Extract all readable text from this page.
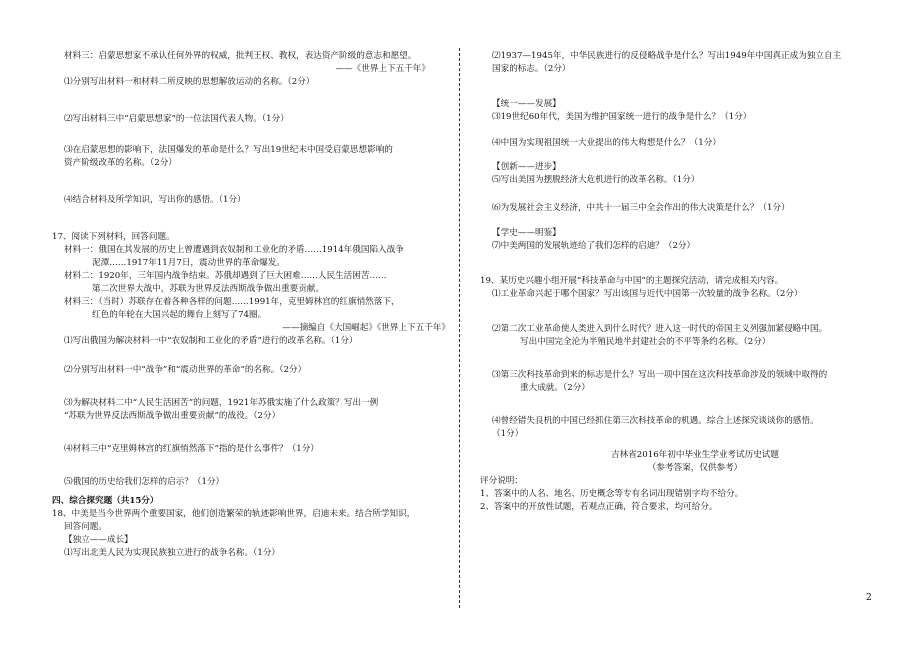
材料三：启蒙思想家不承认任何外界的权威，批判王权、教权，表达资产阶级的意志和愿望。
——《世界上下五千年》
⑴分别写出材料一和材料二所反映的思想解放运动的名称。（2分）
⑵写出材料三中“启蒙思想家”的一位法国代表人物。（1分）
⑶在启蒙思想的影响下，法国爆发的革命是什么？写出19世纪末中国受启蒙思想影响的
资产阶级改革的名称。（2分）
⑷结合材料及所学知识，写出你的感悟。（1分）
17、阅读下列材料，回答问题。
材料一：俄国在其发展的历史上曾遭遇到农奴制和工业化的矛盾……1914年俄国陷入战争
泥潭……1917年11月7日，震动世界的革命爆发。
材料二：1920年，三年国内战争结束。苏俄却遇到了巨大困难……人民生活困苦……
第二次世界大战中，苏联为世界反法西斯战争做出重要贡献。
材料三：（当时）苏联存在着各种各样的问题……1991年，克里姆林宫的红旗悄然落下，
红色的年轮在大国兴起的舞台上刻写了74圈。
——摘编自《大国崛起》《世界上下五千年》
⑴写出俄国为解决材料一中“农奴制和工业化的矛盾”进行的改革名称。（1分）
⑵分别写出材料一中“战争”和“震动世界的革命”的名称。（2分）
⑶为解决材料二中“人民生活困苦”的问题，1921年苏俄实施了什么政策？写出一例
“苏联为世界反法西斯战争做出重要贡献”的战役。（2分）
⑷材料三中“克里姆林宫的红旗悄然落下”指的是什么事件？（1分）
⑸俄国的历史给我们怎样的启示？（1分）
四、综合探究题（共15分）
18、中美是当今世界两个重要国家，他们创造繁荣的轨迹影响世界，启迪未来。结合所学知识，
回答问题。
【独立——成长】
⑴写出北美人民为实现民族独立进行的战争名称。（1分）
⑵1937—1945年，中华民族进行的反侵略战争是什么？写出1949年中国真正成为独立自主
国家的标志。（2分）
【统一——发展】
⑶19世纪60年代，美国为维护国家统一进行的战争是什么？（1分）
⑷中国为实现祖国统一大业提出的伟大构想是什么？（1分）
【创新——进步】
⑸写出美国为摆脱经济大危机进行的改革名称。（1分）
⑹为发展社会主义经济，中共十一届三中全会作出的伟大决策是什么？（1分）
【学史——明鉴】
⑺中美两国的发展轨迹给了我们怎样的启迪？（2分）
19、某历史兴趣小组开展“科技革命与中国”的主题探究活动，请完成相关内容。
⑴工业革命兴起于哪个国家？写出该国与近代中国第一次较量的战争名称。（2分）
⑵第二次工业革命使人类进入到什么时代？进入这一时代的帝国主义列强加紧侵略中国。
写出中国完全沦为半殖民地半封建社会的不平等条约名称。（2分）
⑶第三次科技革命到来的标志是什么？写出一项中国在这次科技革命涉及的领域中取得的
重大成就。（2分）
⑷曾经错失良机的中国已经抓住第三次科技革命的机遇。综合上述探究谈谈你的感悟。
（1分）
吉林省2016年初中毕业生学业考试历史试题
（参考答案，仅供参考）
评分说明：
1、答案中的人名、地名、历史概念等专有名词出现错别字均不给分。
2、答案中的开放性试题，若观点正确，符合要求，均可给分。
2
